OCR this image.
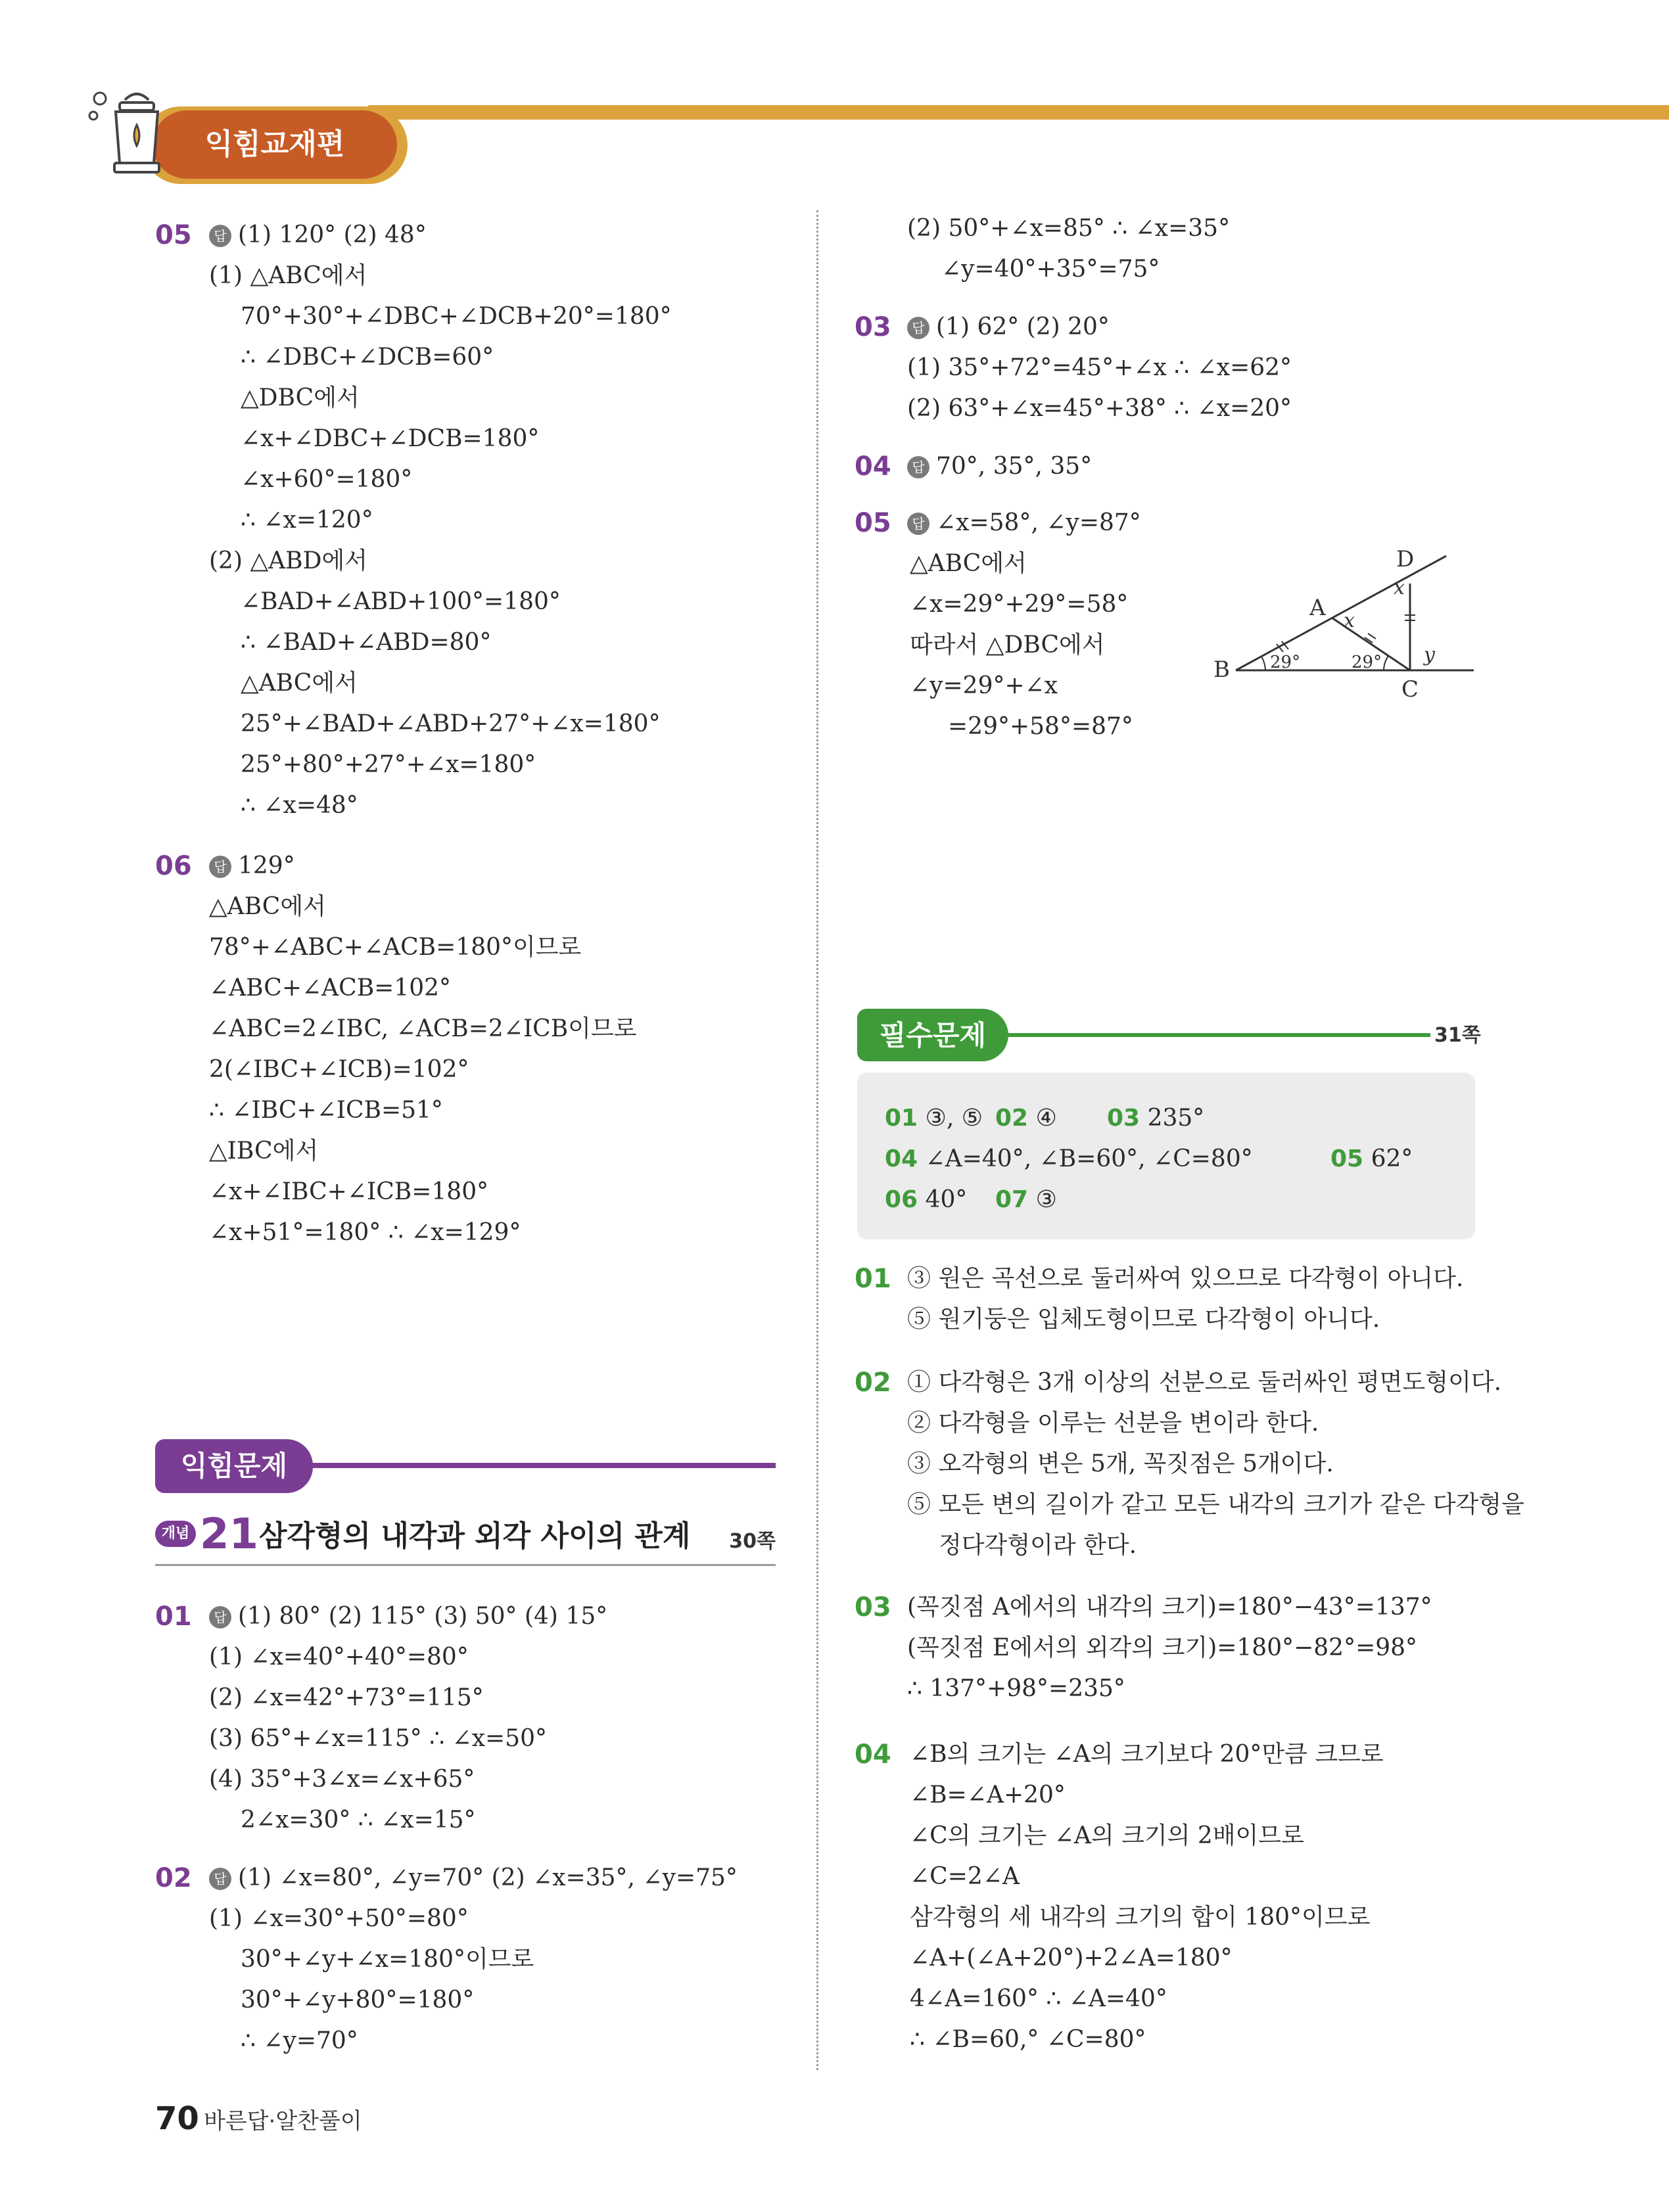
익힘교재편
05	답 (1) 120° (2) 48°
(1) △ABC에서
70°+30°+∠DBC+∠DCB+20°=180°
∴ ∠DBC+∠DCB=60°
△DBC에서
∠x+∠DBC+∠DCB=180°
∠x+60°=180°
∴ ∠x=120°
(2) △ABD에서
∠BAD+∠ABD+100°=180°
∴ ∠BAD+∠ABD=80°
△ABC에서
25°+∠BAD+∠ABD+27°+∠x=180°
25°+80°+27°+∠x=180°
∴ ∠x=48°
06	답 129°
△ABC에서
78°+∠ABC+∠ACB=180°이므로
∠ABC+∠ACB=102°
∠ABC=2∠IBC, ∠ACB=2∠ICB이므로
2(∠IBC+∠ICB)=102°
∴ ∠IBC+∠ICB=51°
△IBC에서
∠x+∠IBC+∠ICB=180°
∠x+51°=180° ∴ ∠x=129°
익힘문제
개념 21 삼각형의 내각과 외각 사이의 관계 30쪽
01	답 (1) 80° (2) 115° (3) 50° (4) 15°
(1) ∠x=40°+40°=80°
(2) ∠x=42°+73°=115°
(3) 65°+∠x=115° ∴ ∠x=50°
(4) 35°+3∠x=∠x+65°
2∠x=30° ∴ ∠x=15°
02	답 (1) ∠x=80°, ∠y=70° (2) ∠x=35°, ∠y=75°
(1) ∠x=30°+50°=80°
30°+∠y+∠x=180°이므로
30°+∠y+80°=180°
∴ ∠y=70°
(2) 50°+∠x=85° ∴ ∠x=35°
∠y=40°+35°=75°
03	답 (1) 62° (2) 20°
(1) 35°+72°=45°+∠x ∴ ∠x=62°
(2) 63°+∠x=45°+38° ∴ ∠x=20°
04	답 70°, 35°, 35°
05	답 ∠x=58°, ∠y=87°
△ABC에서
∠x=29°+29°=58°
따라서 △DBC에서
∠y=29°+∠x
=29°+58°=87°
B
A
C
D
x
x
y
29°	29°
필수문제	31쪽
01 ③, ⑤ 02 ④ 03 235°
04 ∠A=40°, ∠B=60°, ∠C=80°	05 62°
06 40° 07 ③
01 ③ 원은 곡선으로 둘러싸여 있으므로 다각형이 아니다.
⑤ 원기둥은 입체도형이므로 다각형이 아니다.
02 ① 다각형은 3개 이상의 선분으로 둘러싸인 평면도형이다.
② 다각형을 이루는 선분을 변이라 한다.
③ 오각형의 변은 5개, 꼭짓점은 5개이다.
⑤ 모든 변의 길이가 같고 모든 내각의 크기가 같은 다각형을
정다각형이라 한다.
03 (꼭짓점 A에서의 내각의 크기)=180°−43°=137°
(꼭짓점 E에서의 외각의 크기)=180°−82°=98°
∴ 137°+98°=235°
04 ∠B의 크기는 ∠A의 크기보다 20°만큼 크므로
∠B=∠A+20°
∠C의 크기는 ∠A의 크기의 2배이므로
∠C=2∠A
삼각형의 세 내각의 크기의 합이 180°이므로
∠A+(∠A+20°)+2∠A=180°
4∠A=160° ∴ ∠A=40°
∴ ∠B=60,° ∠C=80°
70 바른답·알찬풀이
